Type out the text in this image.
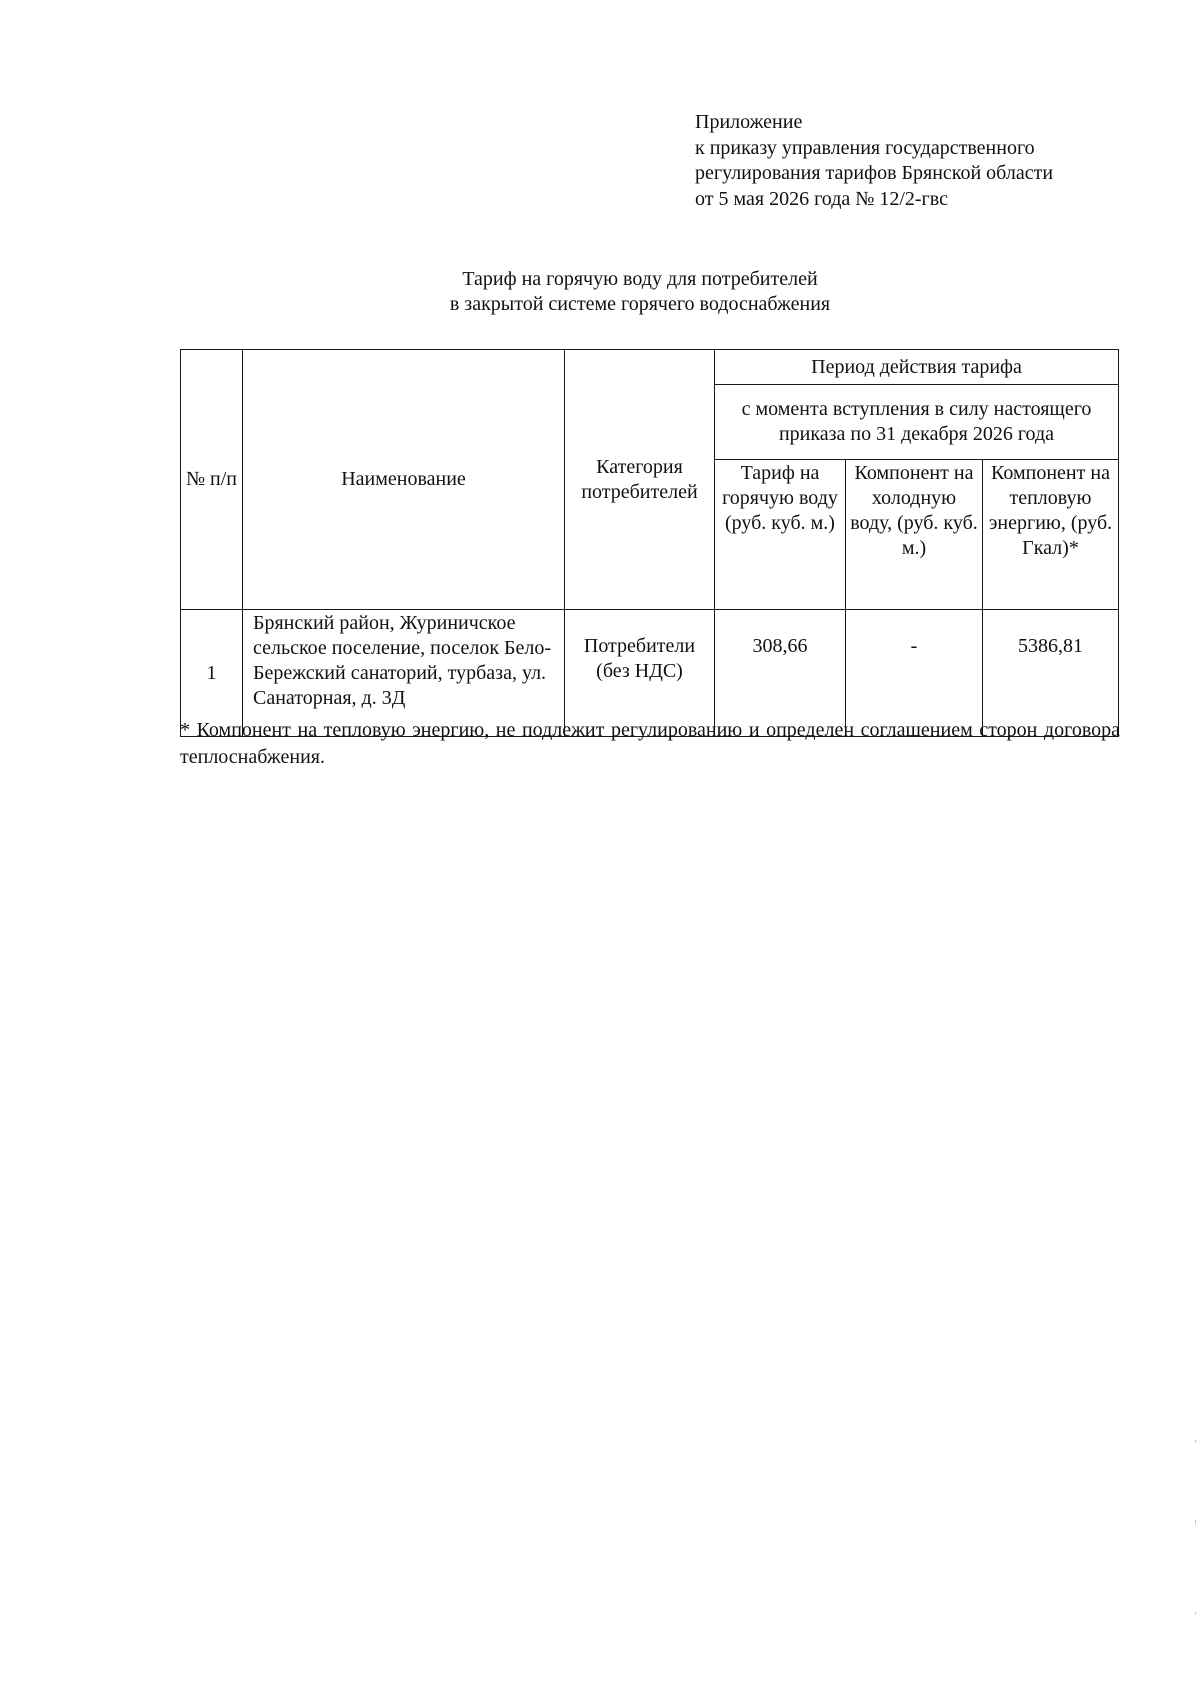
Приложение
к приказу управления государственного
регулирования тарифов Брянской области
от 5 мая 2026 года № 12/2-гвс
Тариф на горячую воду для потребителей
в закрытой системе горячего водоснабжения
№ п/п	Наименование	Категория потребителей	Период действия тарифа		
			с момента вступления в силу настоящего приказа по 31 декабря 2026 года		
			Тариф на горячую воду (руб. куб. м.)	Компонент на холодную воду, (руб. куб. м.)	Компонент на тепловую энергию, (руб. Гкал)*
1	Брянский район, Журиничское сельское поселение, поселок Бело-Бережский санаторий, турбаза, ул. Санаторная, д. 3Д	Потребители (без НДС)	308,66	-	5386,81
* Компонент на тепловую энергию, не подлежит регулированию и определен соглашением сторон договора теплоснабжения.
